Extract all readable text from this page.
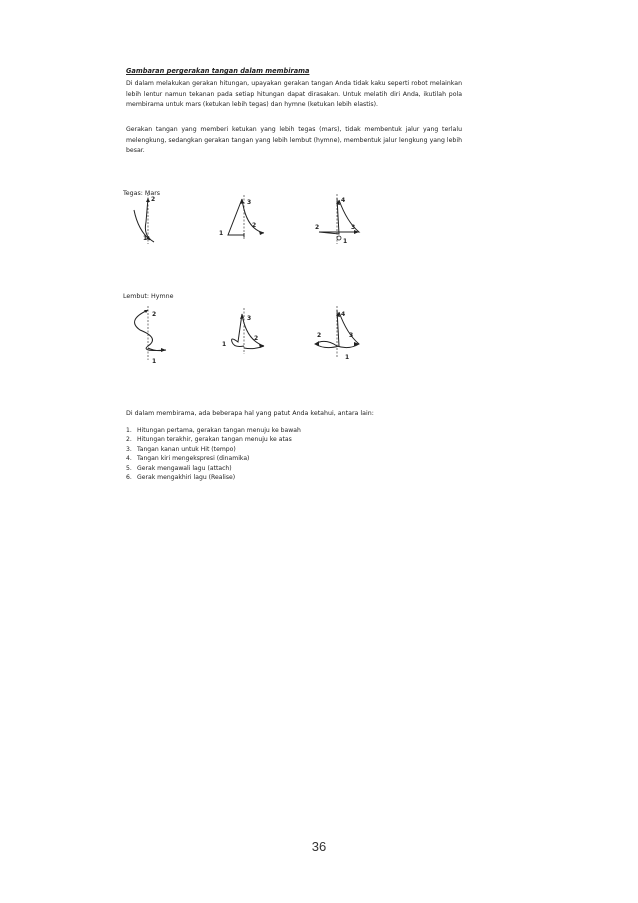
Gambaran pergerakan tangan dalam membirama
Di dalam melakukan gerakan hitungan, upayakan gerakan tangan Anda tidak kaku seperti robot melainkan lebih lentur namun tekanan pada setiap hitungan dapat dirasakan. Untuk melatih diri Anda, ikutilah pola membirama untuk mars (ketukan lebih tegas) dan hymne (ketukan lebih elastis).
Gerakan tangan yang memberi ketukan yang lebih tegas (mars), tidak membentuk jalur yang terlalu melengkung, sedangkan gerakan tangan yang lebih lembut (hymne), membentuk jalur lengkung yang lebih besar.
Tegas: Mars
2
1
3
1
2
4
2	3
1
Lembut: Hymne
2
1
3
1
2
4
2	3
1
Di dalam membirama, ada beberapa hal yang patut Anda ketahui, antara lain:
1. Hitungan pertama, gerakan tangan menuju ke bawah
2. Hitungan terakhir, gerakan tangan menuju ke atas
3. Tangan kanan untuk Hit (tempo)
4. Tangan kiri mengekspresi (dinamika)
5. Gerak mengawali lagu (attach)
6. Gerak mengakhiri lagu (Realise)
36
